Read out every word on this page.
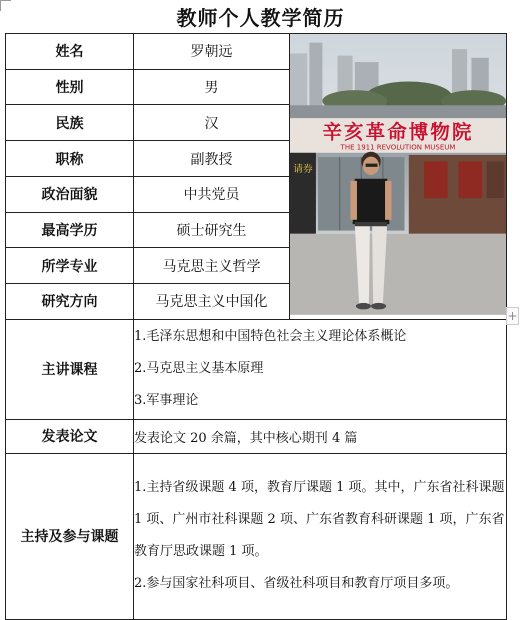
教师个人教学简历
姓名	罗朝远	辛亥革命博物院
THE 1911 REVOLUTION MUSEUM
请券

性别	男	
民族	汉	
职称	副教授	
政治面貌	中共党员	
最高学历	硕士研究生	
所学专业	马克思主义哲学	
研究方向	马克思主义中国化	
主讲课程	1.毛泽东思想和中国特色社会主义理论体系概论
2.马克思主义基本原理
3.军事理论	

发表论文	发表论文 20 余篇，其中核心期刊 4 篇	
主持及参与课题	1.主持省级课题 4 项，教育厅课题 1 项。其中，广东省社科课题 1 项、广州市社科课题 2 项、广东省教育科研课题 1 项，广东省教育厅思政课题 1 项。
2.参与国家社科项目、省级社科项目和教育厅项目多项。	
+
